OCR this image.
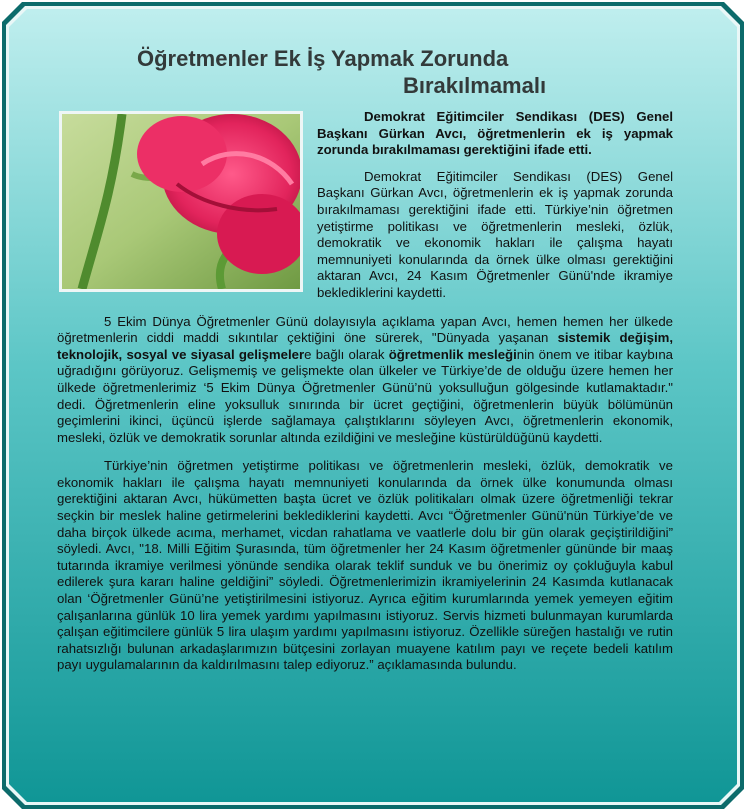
Öğretmenler Ek İş Yapmak Zorunda
Bırakılmamalı

Demokrat Eğitimciler Sendikası (DES) Genel Başkanı Gürkan Avcı, öğretmenlerin ek iş yapmak zorunda bırakılmaması gerektiğini ifade etti.

Demokrat Eğitimciler Sendikası (DES) Genel Başkanı Gürkan Avcı, öğretmenlerin ek iş yapmak zorunda bırakılmaması gerektiğini ifade etti. Türkiye’nin öğretmen yetiştirme politikası ve öğretmenlerin mesleki, özlük, demokratik ve ekonomik hakları ile çalışma hayatı memnuniyeti konularında da örnek ülke olması gerektiğini aktaran Avcı, 24 Kasım Öğretmenler Günü'nde ikramiye beklediklerini kaydetti.

5 Ekim Dünya Öğretmenler Günü dolayısıyla açıklama yapan Avcı, hemen hemen her ülkede öğretmenlerin ciddi maddi sıkıntılar çektiğini öne sürerek, "Dünyada yaşanan sistemik değişim, teknolojik, sosyal ve siyasal gelişmelere bağlı olarak öğretmenlik mesleğinin önem ve itibar kaybına uğradığını görüyoruz. Gelişmemiş ve gelişmekte olan ülkeler ve Türkiye’de de olduğu üzere hemen her ülkede öğretmenlerimiz ‘5 Ekim Dünya Öğretmenler Günü’nü yoksulluğun gölgesinde kutlamaktadır." dedi. Öğretmenlerin eline yoksulluk sınırında bir ücret geçtiğini, öğretmenlerin büyük bölümünün geçimlerini ikinci, üçüncü işlerde sağlamaya çalıştıklarını söyleyen Avcı, öğretmenlerin ekonomik, mesleki, özlük ve demokratik sorunlar altında ezildiğini ve mesleğine küstürüldüğünü kaydetti.

Türkiye’nin öğretmen yetiştirme politikası ve öğretmenlerin mesleki, özlük, demokratik ve ekonomik hakları ile çalışma hayatı memnuniyeti konularında da örnek ülke konumunda olması gerektiğini aktaran Avcı, hükümetten başta ücret ve özlük politikaları olmak üzere öğretmenliği tekrar seçkin bir meslek haline getirmelerini beklediklerini kaydetti. Avcı “Öğretmenler Günü'nün Türkiye’de ve daha birçok ülkede acıma, merhamet, vicdan rahatlama ve vaatlerle dolu bir gün olarak geçiştirildiğini” söyledi. Avcı, "18. Milli Eğitim Şurasında, tüm öğretmenler her 24 Kasım öğretmenler gününde bir maaş tutarında ikramiye verilmesi yönünde sendika olarak teklif sunduk ve bu önerimiz oy çokluğuyla kabul edilerek şura kararı haline geldiğini” söyledi. Öğretmenlerimizin ikramiyelerinin 24 Kasımda kutlanacak olan ‘Öğretmenler Günü’ne yetiştirilmesini istiyoruz. Ayrıca eğitim kurumlarında yemek yemeyen eğitim çalışanlarına günlük 10 lira yemek yardımı yapılmasını istiyoruz. Servis hizmeti bulunmayan kurumlarda çalışan eğitimcilere günlük 5 lira ulaşım yardımı yapılmasını istiyoruz. Özellikle süreğen hastalığı ve rutin rahatsızlığı bulunan arkadaşlarımızın bütçesini zorlayan muayene katılım payı ve reçete bedeli katılım payı uygulamalarının da kaldırılmasını talep ediyoruz.” açıklamasında bulundu.
